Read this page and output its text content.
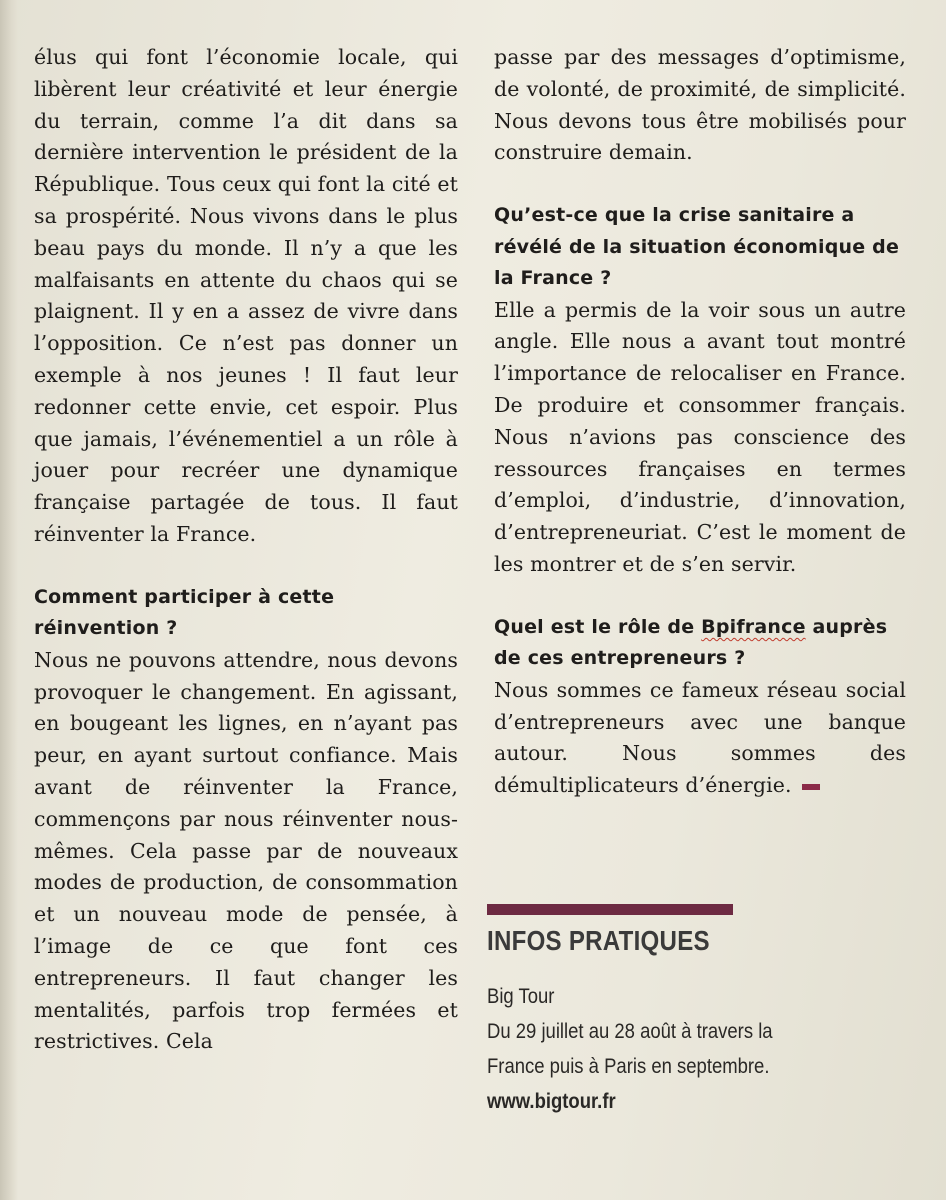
élus qui font l’économie locale, qui libèrent leur créativité et leur énergie du terrain, comme l’a dit dans sa dernière intervention le président de la République. Tous ceux qui font la cité et sa prospérité. Nous vivons dans le plus beau pays du monde. Il n’y a que les malfaisants en attente du chaos qui se plaignent. Il y en a assez de vivre dans l’opposition. Ce n’est pas donner un exemple à nos jeunes ! Il faut leur redonner cette envie, cet espoir. Plus que jamais, l’événementiel a un rôle à jouer pour recréer une dynamique française partagée de tous. Il faut réinventer la France.

Comment participer à cette réinvention ?

Nous ne pouvons attendre, nous devons provoquer le changement. En agissant, en bougeant les lignes, en n’ayant pas peur, en ayant surtout confiance. Mais avant de réinventer la France, commençons par nous réinventer nous-mêmes. Cela passe par de nouveaux modes de production, de consommation et un nouveau mode de pensée, à l’image de ce que font ces entrepreneurs. Il faut changer les mentalités, parfois trop fermées et restrictives. Cela

passe par des messages d’optimisme, de volonté, de proximité, de simplicité. Nous devons tous être mobilisés pour construire demain.

Qu’est-ce que la crise sanitaire a révélé de la situation économique de la France ?

Elle a permis de la voir sous un autre angle. Elle nous a avant tout montré l’importance de relocaliser en France. De produire et consommer français. Nous n’avions pas conscience des ressources françaises en termes d’emploi, d’industrie, d’innovation, d’entrepreneuriat. C’est le moment de les montrer et de s’en servir.

Quel est le rôle de Bpifrance auprès de ces entrepreneurs ?

Nous sommes ce fameux réseau social d’entrepreneurs avec une banque autour. Nous sommes des démultiplicateurs d’énergie.

INFOS PRATIQUES
Big Tour
Du 29 juillet au 28 août à travers la
France puis à Paris en septembre.
www.bigtour.fr
